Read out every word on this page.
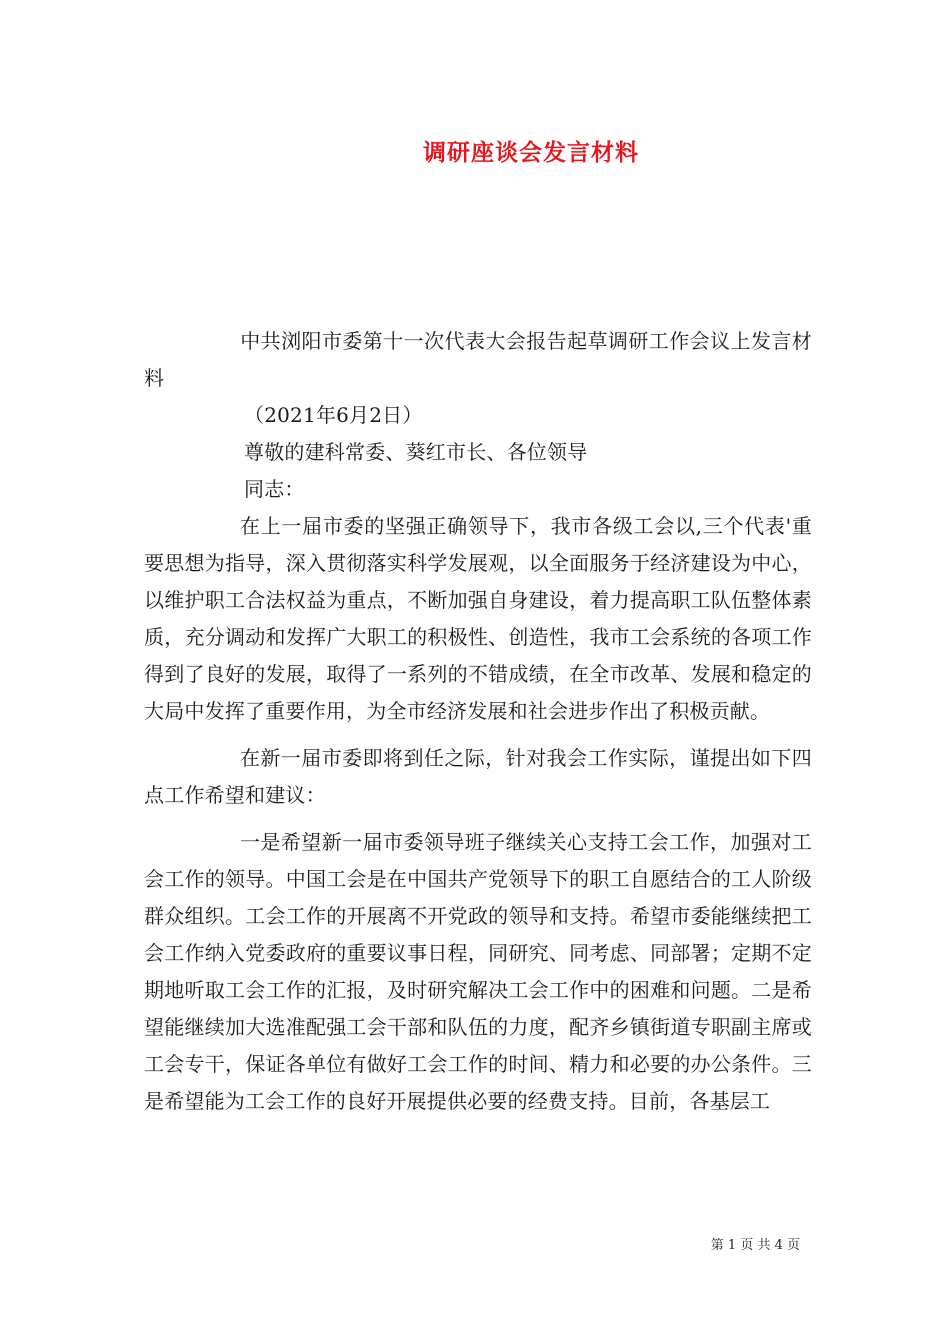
调研座谈会发言材料

中共浏阳市委第十一次代表大会报告起草调研工作会议上发言材料

（2021年6月2日）

尊敬的建科常委、葵红市长、各位领导

同志：

在上一届市委的坚强正确领导下，我市各级工会以,三个代表'重要思想为指导，深入贯彻落实科学发展观，以全面服务于经济建设为中心，以维护职工合法权益为重点，不断加强自身建设，着力提高职工队伍整体素质，充分调动和发挥广大职工的积极性、创造性，我市工会系统的各项工作得到了良好的发展，取得了一系列的不错成绩，在全市改革、发展和稳定的大局中发挥了重要作用，为全市经济发展和社会进步作出了积极贡献。

在新一届市委即将到任之际，针对我会工作实际，谨提出如下四点工作希望和建议：

一是希望新一届市委领导班子继续关心支持工会工作，加强对工会工作的领导。中国工会是在中国共产党领导下的职工自愿结合的工人阶级群众组织。工会工作的开展离不开党政的领导和支持。希望市委能继续把工会工作纳入党委政府的重要议事日程，同研究、同考虑、同部署；定期不定期地听取工会工作的汇报，及时研究解决工会工作中的困难和问题。二是希望能继续加大选准配强工会干部和队伍的力度，配齐乡镇街道专职副主席或工会专干，保证各单位有做好工会工作的时间、精力和必要的办公条件。三是希望能为工会工作的良好开展提供必要的经费支持。目前，各基层工

第 1 页 共 4 页
